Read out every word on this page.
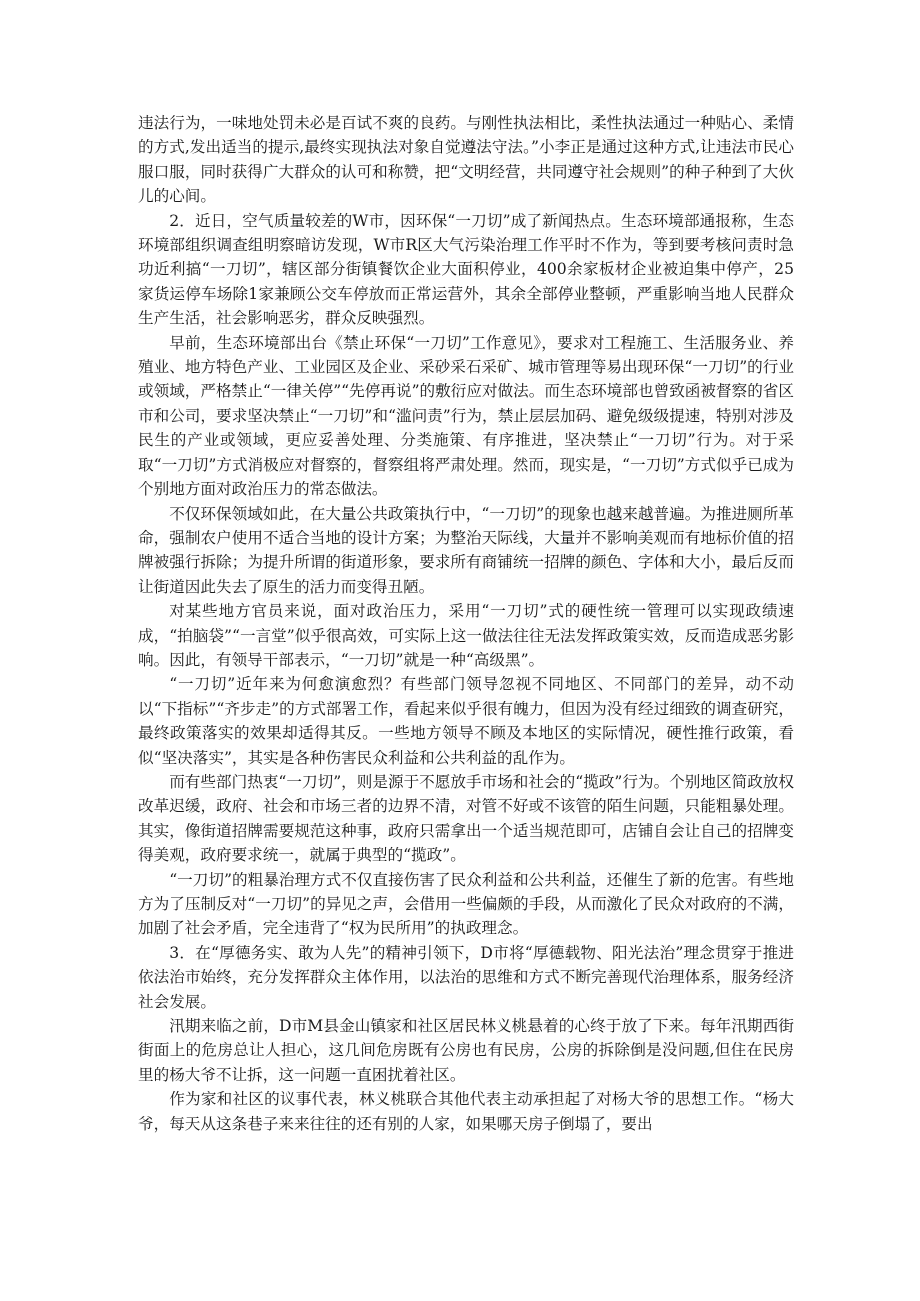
违法行为，一味地处罚未必是百试不爽的良药。与刚性执法相比，柔性执法通过一种贴心、柔情的方式,发出适当的提示,最终实现执法对象自觉遵法守法。”小李正是通过这种方式,让违法市民心服口服，同时获得广大群众的认可和称赞，把“文明经营，共同遵守社会规则”的种子种到了大伙儿的心间。

2．近日，空气质量较差的W市，因环保“一刀切”成了新闻热点。生态环境部通报称，生态环境部组织调查组明察暗访发现，W市R区大气污染治理工作平时不作为，等到要考核问责时急功近利搞“一刀切”，辖区部分街镇餐饮企业大面积停业，400余家板材企业被迫集中停产，25家货运停车场除1家兼顾公交车停放而正常运营外，其余全部停业整顿，严重影响当地人民群众生产生活，社会影响恶劣，群众反映强烈。

早前，生态环境部出台《禁止环保“一刀切”工作意见》，要求对工程施工、生活服务业、养殖业、地方特色产业、工业园区及企业、采砂采石采矿、城市管理等易出现环保“一刀切”的行业或领域，严格禁止“一律关停”“先停再说”的敷衍应对做法。而生态环境部也曾致函被督察的省区市和公司，要求坚决禁止“一刀切”和“滥问责”行为，禁止层层加码、避免级级提速，特别对涉及民生的产业或领域，更应妥善处理、分类施策、有序推进，坚决禁止“一刀切”行为。对于采取“一刀切”方式消极应对督察的，督察组将严肃处理。然而，现实是，“一刀切”方式似乎已成为个别地方面对政治压力的常态做法。

不仅环保领域如此，在大量公共政策执行中，“一刀切”的现象也越来越普遍。为推进厕所革命，强制农户使用不适合当地的设计方案；为整治天际线，大量并不影响美观而有地标价值的招牌被强行拆除；为提升所谓的街道形象，要求所有商铺统一招牌的颜色、字体和大小，最后反而让街道因此失去了原生的活力而变得丑陋。

对某些地方官员来说，面对政治压力，采用“一刀切”式的硬性统一管理可以实现政绩速成，“拍脑袋”“一言堂”似乎很高效，可实际上这一做法往往无法发挥政策实效，反而造成恶劣影响。因此，有领导干部表示，“一刀切”就是一种“高级黑”。

“一刀切”近年来为何愈演愈烈？有些部门领导忽视不同地区、不同部门的差异，动不动以“下指标”“齐步走”的方式部署工作，看起来似乎很有魄力，但因为没有经过细致的调查研究，最终政策落实的效果却适得其反。一些地方领导不顾及本地区的实际情况，硬性推行政策，看似“坚决落实”，其实是各种伤害民众利益和公共利益的乱作为。

而有些部门热衷“一刀切”，则是源于不愿放手市场和社会的“揽政”行为。个别地区简政放权改革迟缓，政府、社会和市场三者的边界不清，对管不好或不该管的陌生问题，只能粗暴处理。其实，像街道招牌需要规范这种事，政府只需拿出一个适当规范即可，店铺自会让自己的招牌变得美观，政府要求统一，就属于典型的“揽政”。

“一刀切”的粗暴治理方式不仅直接伤害了民众利益和公共利益，还催生了新的危害。有些地方为了压制反对“一刀切”的异见之声，会借用一些偏颇的手段，从而激化了民众对政府的不满，加剧了社会矛盾，完全违背了“权为民所用”的执政理念。

3．在“厚德务实、敢为人先”的精神引领下，D市将“厚德载物、阳光法治”理念贯穿于推进依法治市始终，充分发挥群众主体作用，以法治的思维和方式不断完善现代治理体系，服务经济社会发展。

汛期来临之前，D市M县金山镇家和社区居民林义桃悬着的心终于放了下来。每年汛期西街街面上的危房总让人担心，这几间危房既有公房也有民房，公房的拆除倒是没问题,但住在民房里的杨大爷不让拆，这一问题一直困扰着社区。

作为家和社区的议事代表，林义桃联合其他代表主动承担起了对杨大爷的思想工作。“杨大爷，每天从这条巷子来来往往的还有别的人家，如果哪天房子倒塌了，要出
